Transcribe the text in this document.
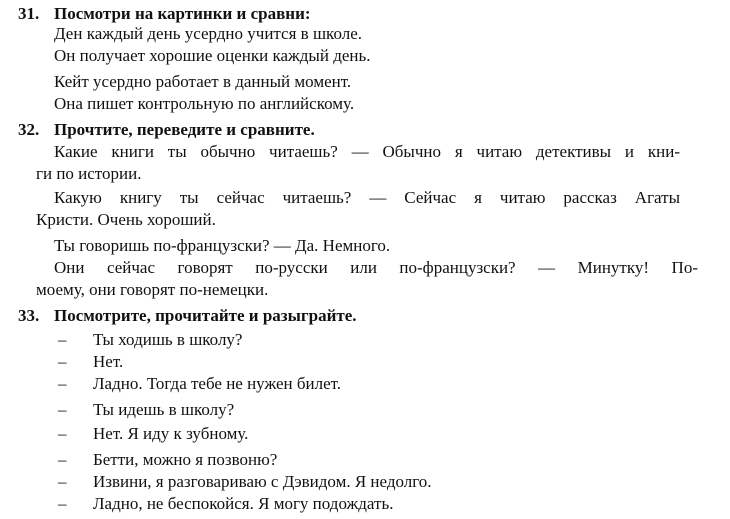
31. Посмотри на картинки и сравни:
Ден каждый день усердно учится в школе.
Он получает хорошие оценки каждый день.
Кейт усердно работает в данный момент.
Она пишет контрольную по английскому.
32. Прочтите, переведите и сравните.
Какие книги ты обычно читаешь? — Обычно я читаю детективы и кни-
ги по истории.
Какую книгу ты сейчас читаешь? — Сейчас я читаю рассказ Агаты
Кристи. Очень хороший.
Ты говоришь по-французски? — Да. Немного.
Они сейчас говорят по-русски или по-французски? — Минутку! По-
моему, они говорят по-немецки.
33. Посмотрите, прочитайте и разыграйте.
– Ты ходишь в школу?
– Нет.
– Ладно. Тогда тебе не нужен билет.
– Ты идешь в школу?
– Нет. Я иду к зубному.
– Бетти, можно я позвоню?
– Извини, я разговариваю с Дэвидом. Я недолго.
– Ладно, не беспокойся. Я могу подождать.
